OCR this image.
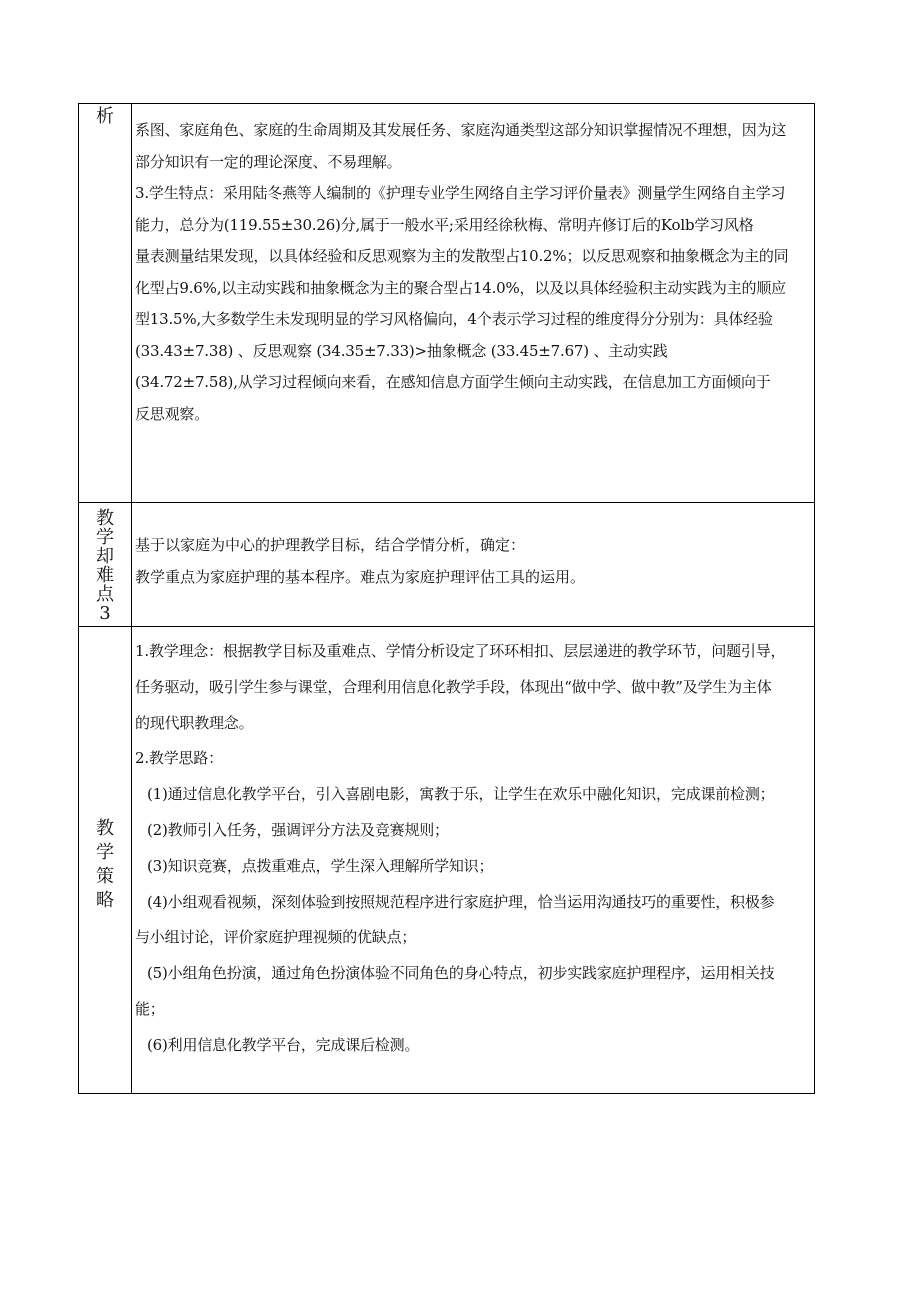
析

系图、家庭角色、家庭的生命周期及其发展任务、家庭沟通类型这部分知识掌握情况不理想，因为这

部分知识有一定的理论深度、不易理解。

3.学生特点：采用陆冬燕等人编制的《护理专业学生网络自主学习评价量表》测量学生网络自主学习

能力，总分为(119.55±30.26)分,属于一般水平;采用经徐秋梅、常明卉修订后的Kolb学习风格

量表测量结果发现，以具体经验和反思观察为主的发散型占10.2%；以反思观察和抽象概念为主的同

化型占9.6%,以主动实践和抽象概念为主的聚合型占14.0%，以及以具体经验积主动实践为主的顺应

型13.5%,大多数学生未发现明显的学习风格偏向，4个表示学习过程的维度得分分别为：具体经验

(33.43±7.38) 、反思观察 (34.35±7.33)>抽象概念 (33.45±7.67) 、主动实践

(34.72±7.58),从学习过程倾向来看，在感知信息方面学生倾向主动实践，在信息加工方面倾向于

反思观察。

教
学
却
难
点
3

基于以家庭为中心的护理教学目标，结合学情分析，确定：

教学重点为家庭护理的基本程序。难点为家庭护理评估工具的运用。

教
学
策
略

1.教学理念：根据教学目标及重难点、学情分析设定了环环相扣、层层递进的教学环节，问题引导，

任务驱动，吸引学生参与课堂，合理利用信息化教学手段，体现出“做中学、做中教”及学生为主体

的现代职教理念。

2.教学思路：

(1)通过信息化教学平台，引入喜剧电影，寓教于乐，让学生在欢乐中融化知识，完成课前检测；

(2)教师引入任务，强调评分方法及竞赛规则；

(3)知识竞赛，点拨重难点，学生深入理解所学知识；

(4)小组观看视频，深刻体验到按照规范程序进行家庭护理，恰当运用沟通技巧的重要性，积极参

与小组讨论，评价家庭护理视频的优缺点；

(5)小组角色扮演，通过角色扮演体验不同角色的身心特点，初步实践家庭护理程序，运用相关技

能；

(6)利用信息化教学平台，完成课后检测。
